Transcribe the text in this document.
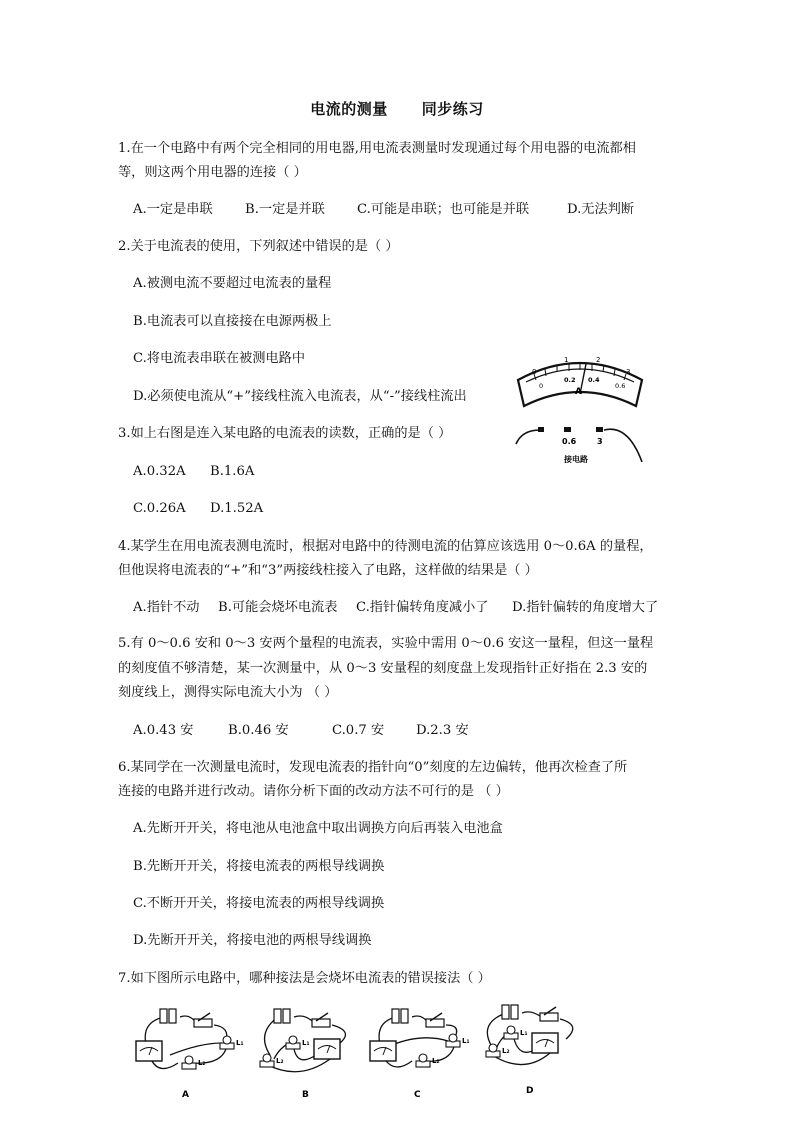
电流的测量 同步练习
1.在一个电路中有两个完全相同的用电器,用电流表测量时发现通过每个用电器的电流都相
等，则这两个用电器的连接（ ）
A.一定是串联 B.一定是并联 C.可能是串联；也可能是并联	D.无法判断
2.关于电流表的使用，下列叙述中错误的是（ ）
A.被测电流不要超过电流表的量程
B.电流表可以直接接在电源两极上
C.将电流表串联在被测电路中
D.必须使电流从“+”接线柱流入电流表，从“-”接线柱流出
3.如上右图是连入某电路的电流表的读数，正确的是（ ）
A.0.32A B.1.6A
C.0.26A D.1.52A
0
1	2
3
0
0.2 0.4
0.6
A
0.6	3
接电路
4.某学生在用电流表测电流时，根据对电路中的待测电流的估算应该选用 0～0.6A 的量程，
但他误将电流表的“+”和“3”两接线柱接入了电路，这样做的结果是（ ）
A.指针不动 B.可能会烧坏电流表 C.指针偏转角度减小了 D.指针偏转的角度增大了
5.有 0～0.6 安和 0～3 安两个量程的电流表，实验中需用 0～0.6 安这一量程，但这一量程
的刻度值不够清楚，某一次测量中，从 0～3 安量程的刻度盘上发现指针正好指在 2.3 安的
刻度线上，测得实际电流大小为 （ ）
A.0.43 安	B.0.46 安	C.0.7 安 D.2.3 安
6.某同学在一次测量电流时，发现电流表的指针向“0”刻度的左边偏转，他再次检查了所
连接的电路并进行改动。请你分析下面的改动方法不可行的是 （ ）
A.先断开开关，将电池从电池盒中取出调换方向后再装入电池盒
B.先断开开关，将接电流表的两根导线调换
C.不断开开关，将接电流表的两根导线调换
D.先断开开关，将接电池的两根导线调换
7.如下图所示电路中，哪种接法是会烧坏电流表的错误接法（ ）
L₁
L₂
A
L₁
L₂
B
L₁
L₂
C
L₁
L₂
D
